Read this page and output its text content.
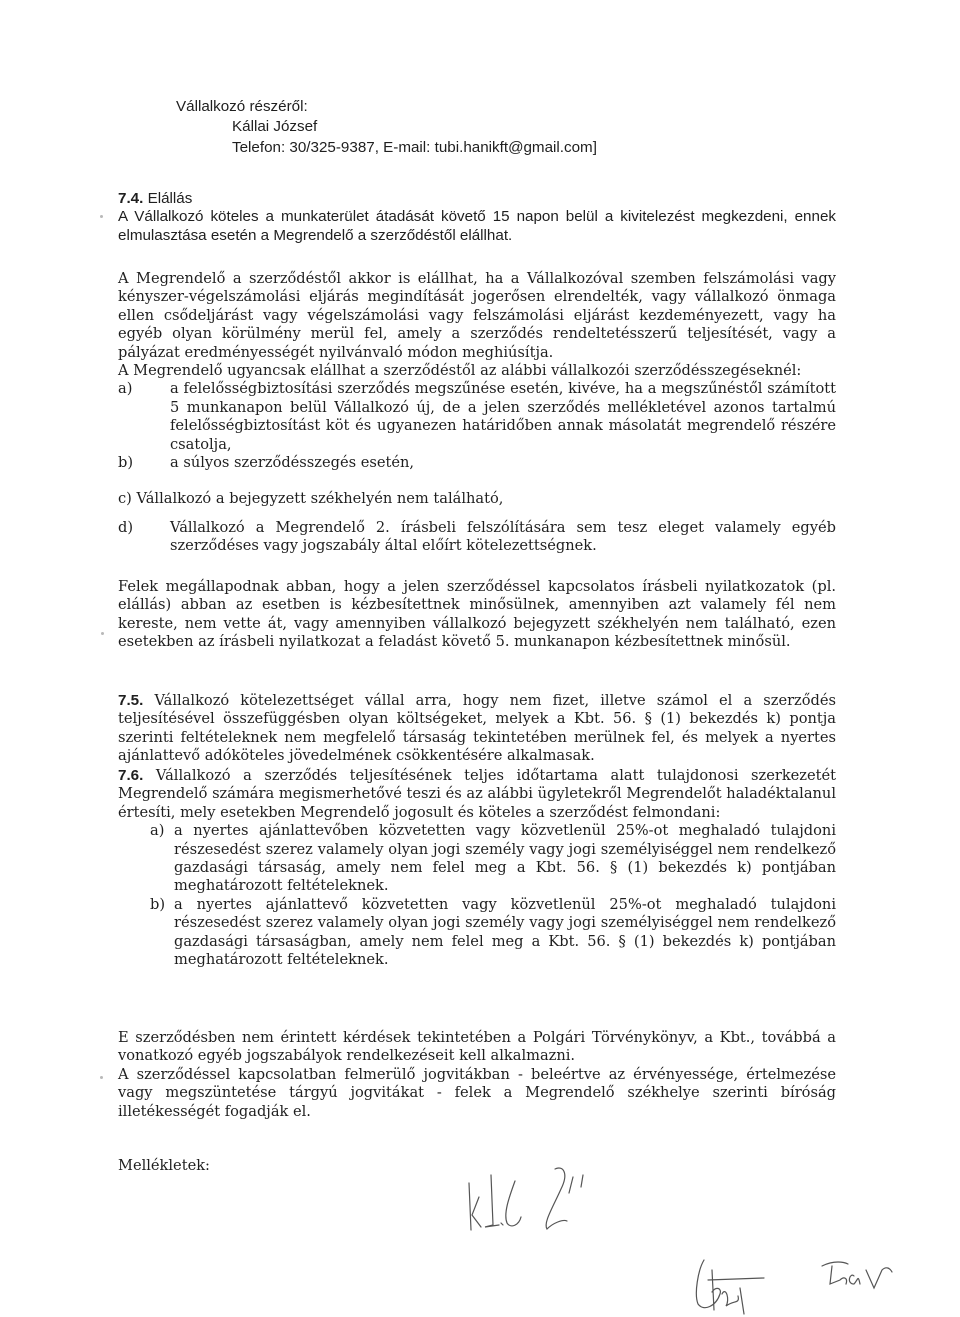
Vállalkozó részéről:
Kállai József
Telefon: 30/325-9387, E-mail: tubi.hanikft@gmail.com]
7.4. Elállás
A Vállalkozó köteles a munkaterület átadását követő 15 napon belül a kivitelezést megkezdeni, ennek elmulasztása esetén a Megrendelő a szerződéstől elállhat.
A Megrendelő a szerződéstől akkor is elállhat, ha a Vállalkozóval szemben felszámolási vagy kényszer-végelszámolási eljárás megindítását jogerősen elrendelték, vagy vállalkozó önmaga ellen csődeljárást vagy végelszámolási vagy felszámolási eljárást kezdeményezett, vagy ha egyéb olyan körülmény merül fel, amely a szerződés rendeltetésszerű teljesítését, vagy a pályázat eredményességét nyilvánvaló módon meghiúsítja.
A Megrendelő ugyancsak elállhat a szerződéstől az alábbi vállalkozói szerződésszegéseknél:
a)	a felelősségbiztosítási szerződés megszűnése esetén, kivéve, ha a megszűnéstől számított 5 munkanapon belül Vállalkozó új, de a jelen szerződés mellékletével azonos tartalmú felelősségbiztosítást köt és ugyanezen határidőben annak másolatát megrendelő részére csatolja,
b)	a súlyos szerződésszegés esetén,
c) Vállalkozó a bejegyzett székhelyén nem található,
d)	Vállalkozó a Megrendelő 2. írásbeli felszólítására sem tesz eleget valamely egyéb szerződéses vagy jogszabály által előírt kötelezettségnek.
Felek megállapodnak abban, hogy a jelen szerződéssel kapcsolatos írásbeli nyilatkozatok (pl. elállás) abban az esetben is kézbesítettnek minősülnek, amennyiben azt valamely fél nem kereste, nem vette át, vagy amennyiben vállalkozó bejegyzett székhelyén nem található, ezen esetekben az írásbeli nyilatkozat a feladást követő 5. munkanapon kézbesítettnek minősül.
7.5. Vállalkozó kötelezettséget vállal arra, hogy nem fizet, illetve számol el a szerződés teljesítésével összefüggésben olyan költségeket, melyek a Kbt. 56. § (1) bekezdés k) pontja szerinti feltételeknek nem megfelelő társaság tekintetében merülnek fel, és melyek a nyertes ajánlattevő adóköteles jövedelmének csökkentésére alkalmasak.
7.6. Vállalkozó a szerződés teljesítésének teljes időtartama alatt tulajdonosi szerkezetét Megrendelő számára megismerhetővé teszi és az alábbi ügyletekről Megrendelőt haladéktalanul értesíti, mely esetekben Megrendelő jogosult és köteles a szerződést felmondani:
a) a nyertes ajánlattevőben közvetetten vagy közvetlenül 25%-ot meghaladó tulajdoni részesedést szerez valamely olyan jogi személy vagy jogi személyiséggel nem rendelkező gazdasági társaság, amely nem felel meg a Kbt. 56. § (1) bekezdés k) pontjában meghatározott feltételeknek.
b) a nyertes ajánlattevő közvetetten vagy közvetlenül 25%-ot meghaladó tulajdoni részesedést szerez valamely olyan jogi személy vagy jogi személyiséggel nem rendelkező gazdasági társaságban, amely nem felel meg a Kbt. 56. § (1) bekezdés k) pontjában meghatározott feltételeknek.
E szerződésben nem érintett kérdések tekintetében a Polgári Törvénykönyv, a Kbt., továbbá a vonatkozó egyéb jogszabályok rendelkezéseit kell alkalmazni.
A szerződéssel kapcsolatban felmerülő jogvitákban - beleértve az érvényessége, értelmezése vagy megszüntetése tárgyú jogvitákat - felek a Megrendelő székhelye szerinti bíróság illetékességét fogadják el.
Mellékletek:
